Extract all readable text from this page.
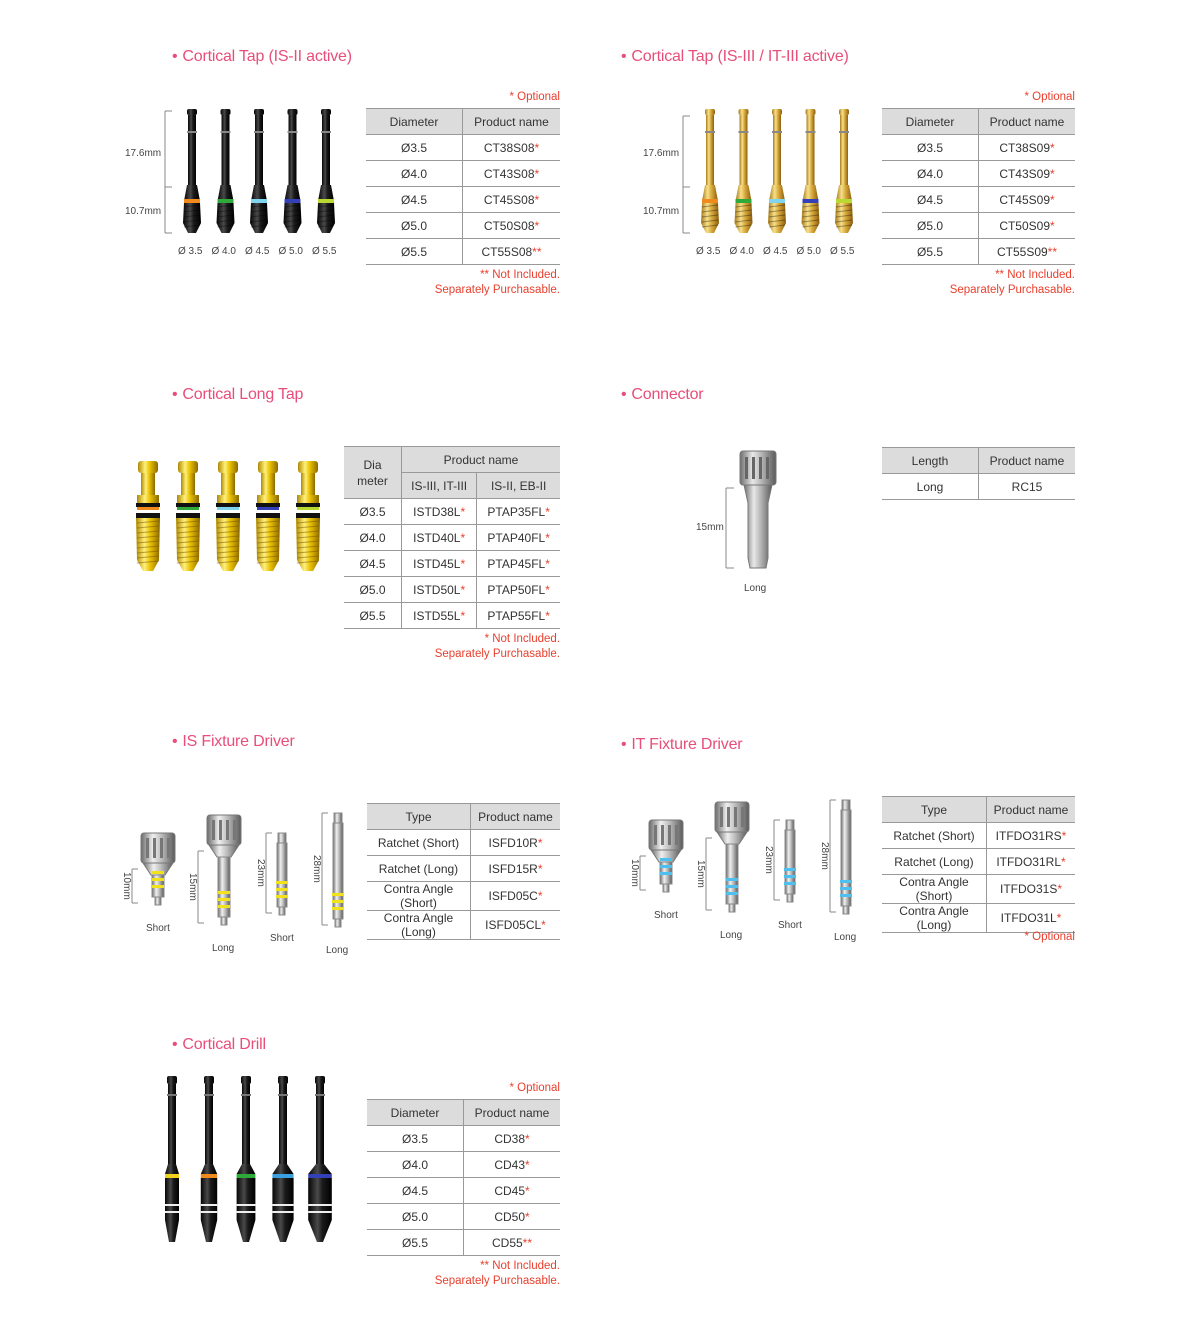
• Cortical Tap (IS-II active)	• Cortical Tap (IS-III / IT-III active)
• Cortical Long Tap	• Connector
• IS Fixture Driver	• IT Fixture Driver
• Cortical Drill
17.6mm
10.7mm
Ø 3.5 Ø 4.0 Ø 4.5 Ø 5.0 Ø 5.5
* Optional
Diameter	Product name
Ø3.5	CT38S08*
Ø4.0	CT43S08*
Ø4.5	CT45S08*
Ø5.0	CT50S08*
Ø5.5	CT55S08**
** Not Included.
Separately Purchasable.
17.6mm
10.7mm
Ø 3.5 Ø 4.0 Ø 4.5 Ø 5.0 Ø 5.5
* Optional
Diameter	Product name
Ø3.5	CT38S09*
Ø4.0	CT43S09*
Ø4.5	CT45S09*
Ø5.0	CT50S09*
Ø5.5	CT55S09**
** Not Included.
Separately Purchasable.
Dia
meter	Product name	
	IS-III, IT-III	IS-II, EB-II
Ø3.5	ISTD38L*	PTAP35FL*
Ø4.0	ISTD40L*	PTAP40FL*
Ø4.5	ISTD45L*	PTAP45FL*
Ø5.0	ISTD50L*	PTAP50FL*
Ø5.5	ISTD55L*	PTAP55FL*
* Not Included.
Separately Purchasable.
15mm
Long
Length	Product name
Long	RC15
10mm	15mm
23mm	28mm
Short
Long
Short
Long
Type	Product name
Ratchet (Short)	ISFD10R*
Ratchet (Long)	ISFD15R*
Contra Angle (Short)	ISFD05C*
Contra Angle (Long)	ISFD05CL*
10mm	15mm
23mm	28mm
Short
Long
Short
Long
Type	Product name
Ratchet (Short)	ITFDO31RS*
Ratchet (Long)	ITFDO31RL*
Contra Angle (Short)	ITFDO31S*
Contra Angle (Long)	ITFDO31L*
* Optional
* Optional
Diameter	Product name
Ø3.5	CD38*
Ø4.0	CD43*
Ø4.5	CD45*
Ø5.0	CD50*
Ø5.5	CD55**
** Not Included.
Separately Purchasable.
